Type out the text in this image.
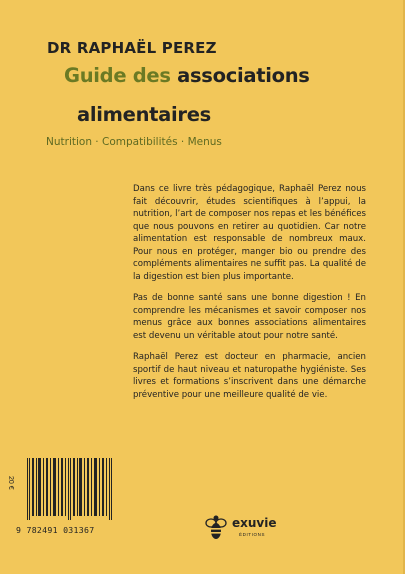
DR RAPHAËL PEREZ
Guide des associations
alimentaires
Nutrition · Compatibilités · Menus

Dans ce livre très pédagogique, Raphaël Perez nous fait découvrir, études scientifiques à l’appui, la nutrition, l’art de composer nos repas et les bénéfices que nous pouvons en retirer au quotidien. Car notre alimentation est responsable de nombreux maux. Pour nous en protéger, manger bio ou prendre des compléments alimentaires ne suffit pas. La qualité de la digestion est bien plus importante.

Pas de bonne santé sans une bonne digestion ! En comprendre les mécanismes et savoir composer nos menus grâce aux bonnes associations alimentaires est devenu un véritable atout pour notre santé.

Raphaël Perez est docteur en pharmacie, ancien sportif de haut niveau et naturopathe hygiéniste. Ses livres et formations s’inscrivent dans une démarche préventive pour une meilleure qualité de vie.

20 €
9 782491 031367	exuvie
ÉDITIONS
